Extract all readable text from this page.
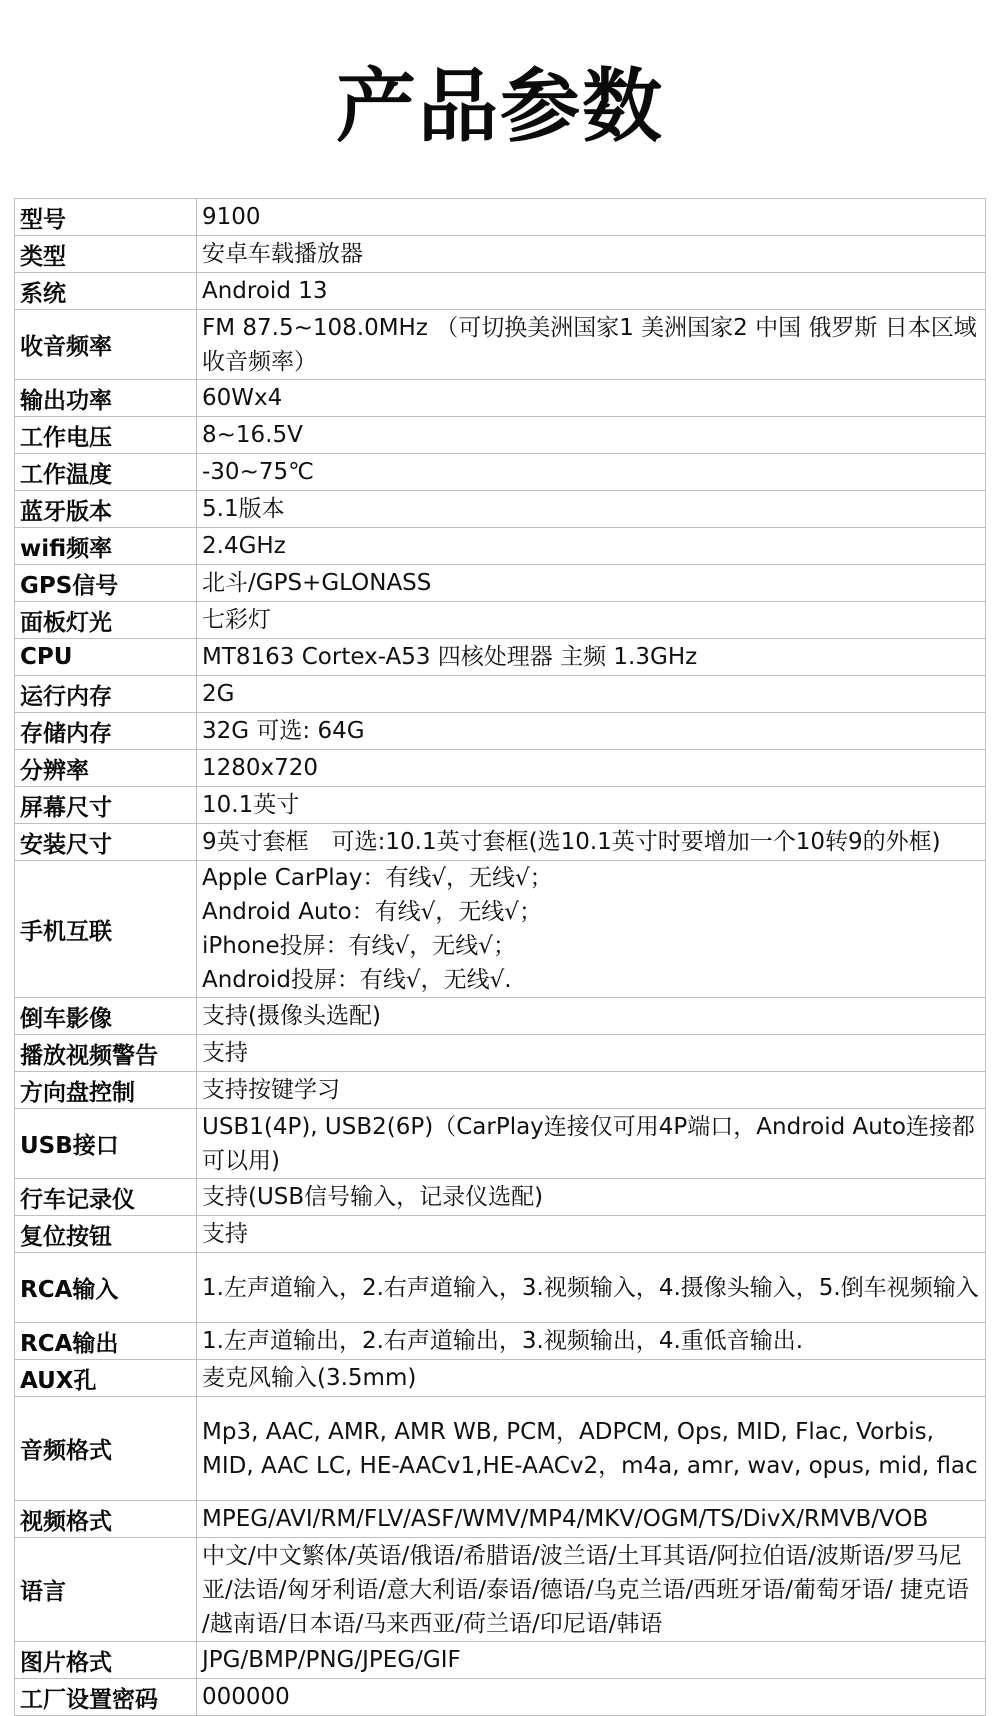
产品参数
型号	9100
类型	安卓车载播放器
系统	Android 13
收音频率	FM 87.5~108.0MHz （可切换美洲国家1 美洲国家2 中国 俄罗斯 日本区域收音频率）
输出功率	60Wx4
工作电压	8~16.5V
工作温度	-30~75℃
蓝牙版本	5.1版本
wifi频率	2.4GHz
GPS信号	北斗/GPS+GLONASS
面板灯光	七彩灯
CPU	MT8163 Cortex-A53 四核处理器 主频 1.3GHz
运行内存	2G
存储内存	32G 可选: 64G
分辨率	1280x720
屏幕尺寸	10.1英寸
安装尺寸	9英寸套框　可选:10.1英寸套框(选10.1英寸时要增加一个10转9的外框)
手机互联	Apple CarPlay：有线√，无线√；
Android Auto：有线√，无线√；
iPhone投屏：有线√，无线√；
Android投屏：有线√，无线√.

倒车影像	支持(摄像头选配)
播放视频警告	支持
方向盘控制	支持按键学习
USB接口	USB1(4P), USB2(6P)（CarPlay连接仅可用4P端口，Android Auto连接都可以用)
行车记录仪	支持(USB信号输入，记录仪选配)
复位按钮	支持
RCA输入	1.左声道输入，2.右声道输入，3.视频输入，4.摄像头输入，5.倒车视频输入
RCA输出	1.左声道输出，2.右声道输出，3.视频输出，4.重低音输出.
AUX孔	麦克风输入(3.5mm)
音频格式	Mp3, AAC, AMR, AMR WB, PCM，ADPCM, Ops, MID, Flac, Vorbis, MID, AAC LC, HE-AACv1,HE-AACv2，m4a, amr, wav, opus, mid, flac
视频格式	MPEG/AVI/RM/FLV/ASF/WMV/MP4/MKV/OGM/TS/DivX/RMVB/VOB
语言	中文/中文繁体/英语/俄语/希腊语/波兰语/土耳其语/阿拉伯语/波斯语/罗马尼亚/法语/匈牙利语/意大利语/泰语/德语/乌克兰语/西班牙语/葡萄牙语/ 捷克语 /越南语/日本语/马来西亚/荷兰语/印尼语/韩语
图片格式	JPG/BMP/PNG/JPEG/GIF
工厂设置密码	000000
